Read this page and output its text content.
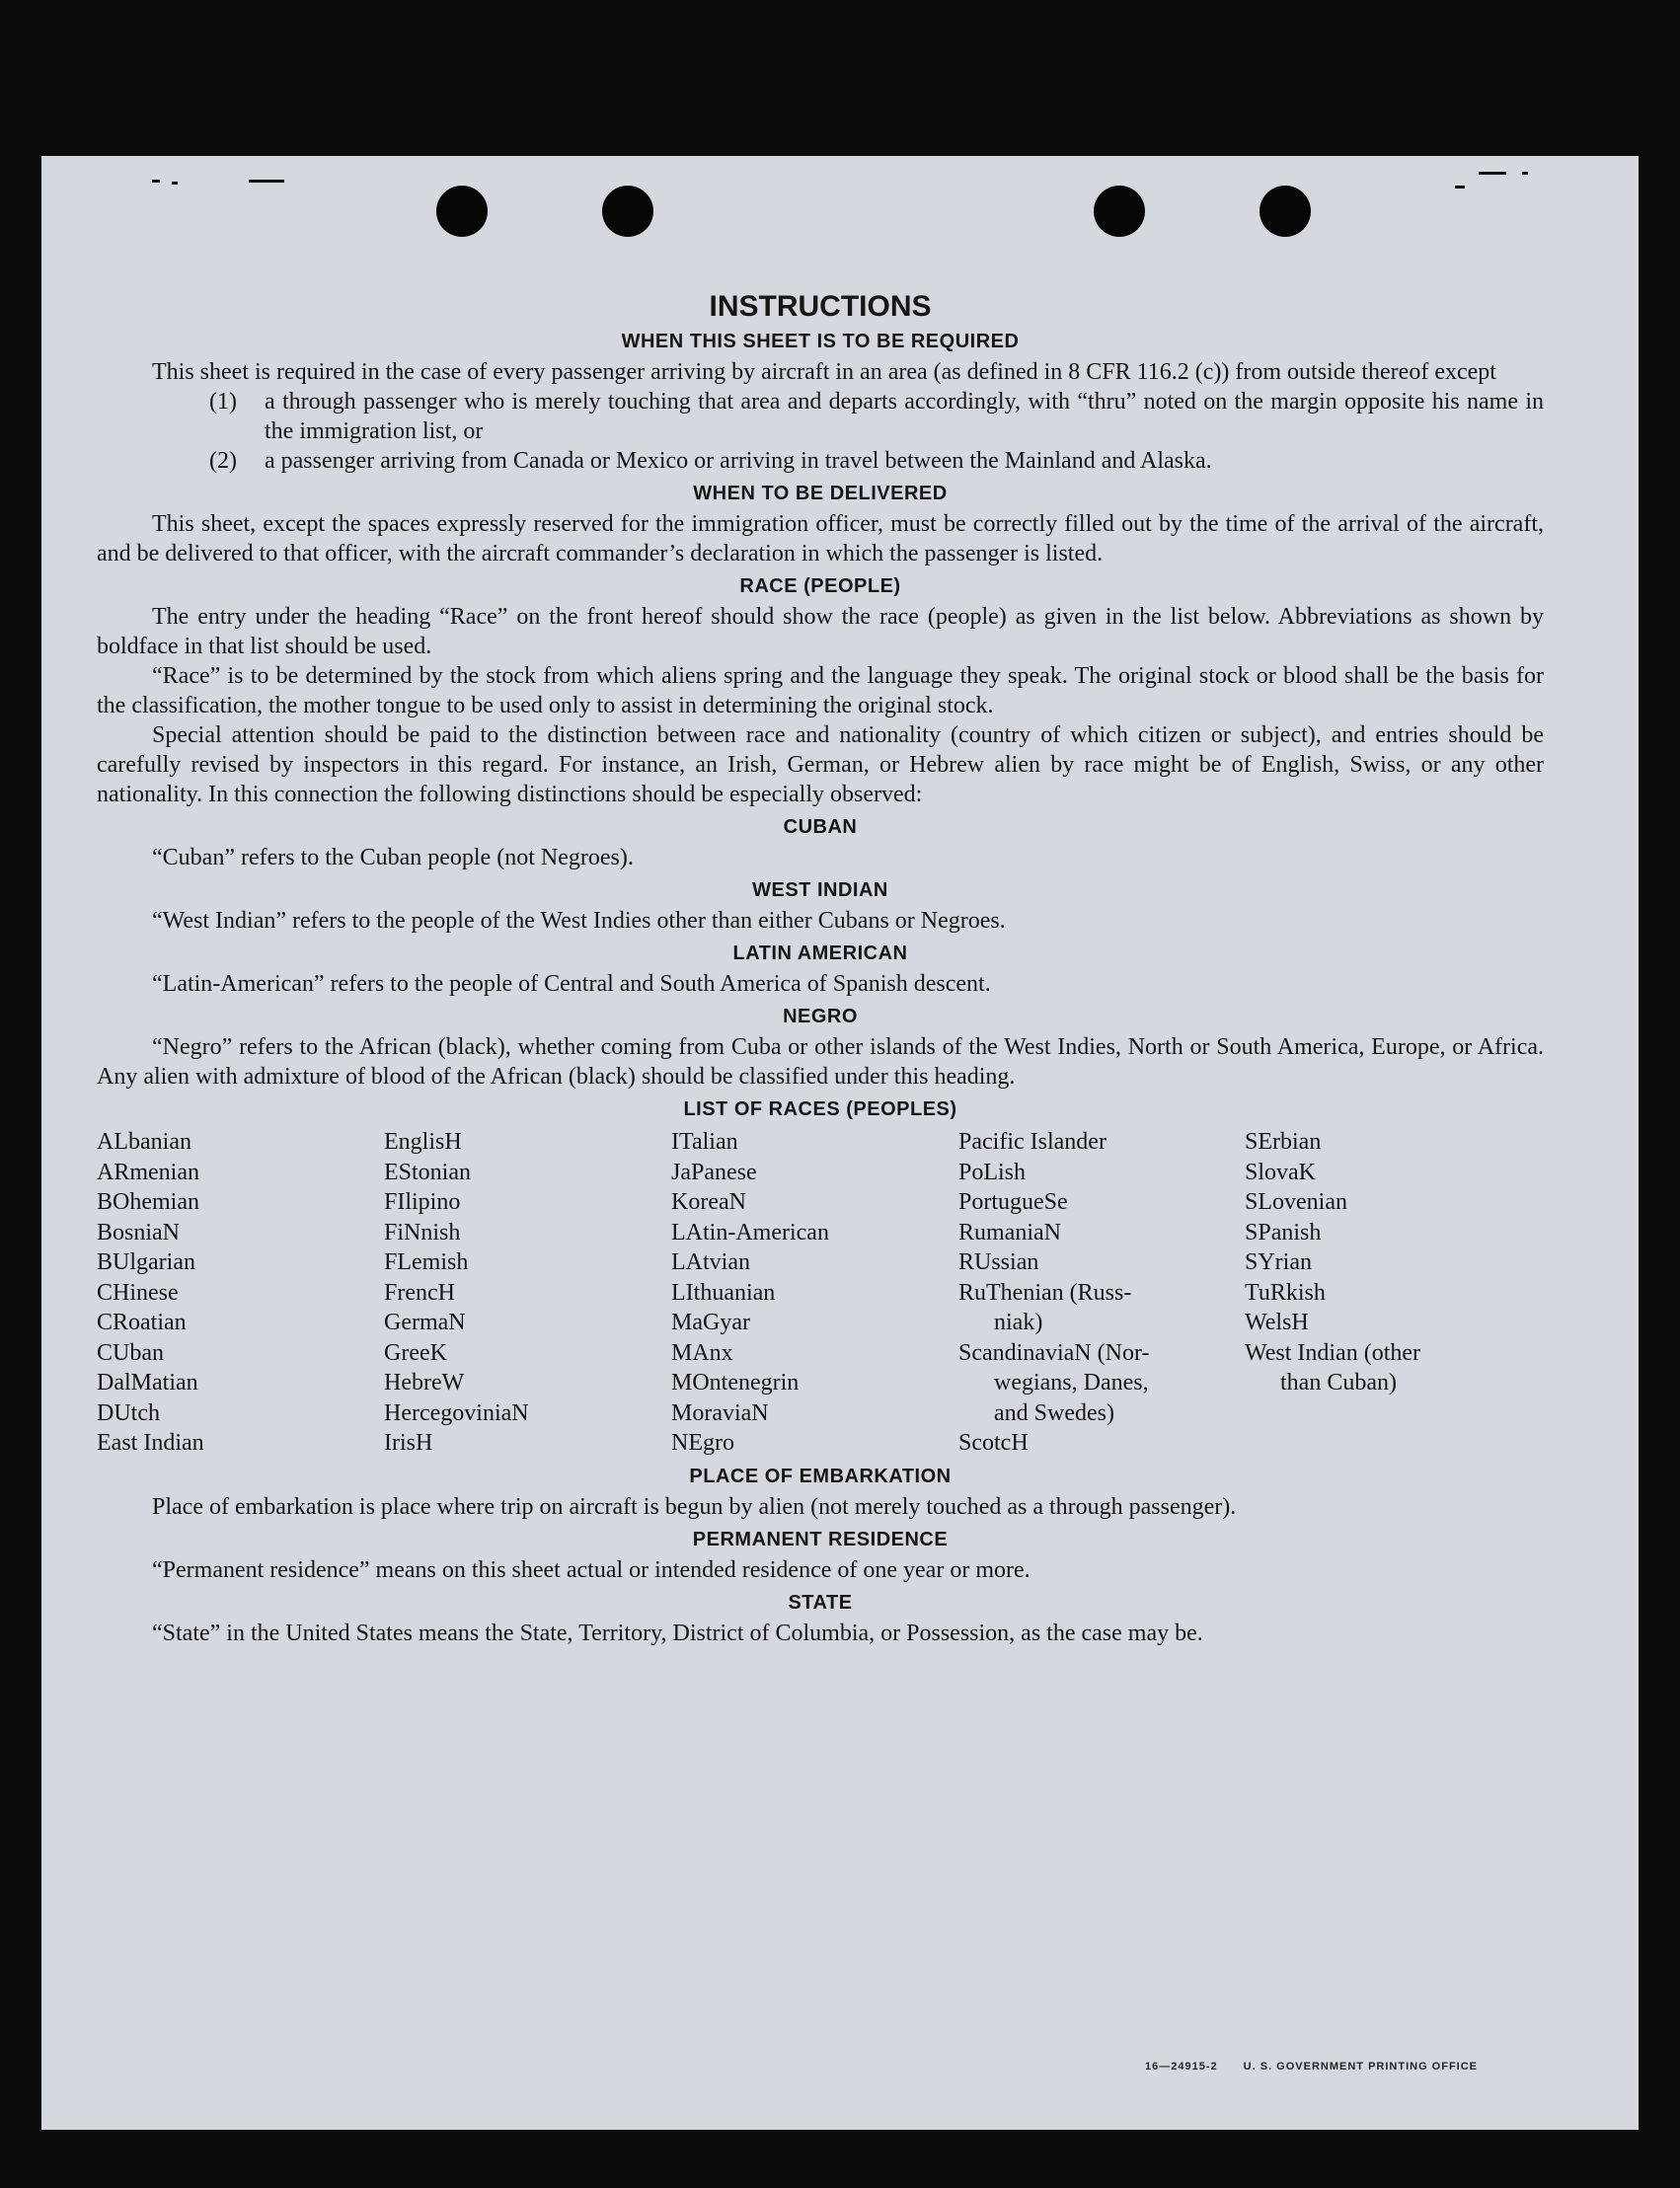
INSTRUCTIONS
WHEN THIS SHEET IS TO BE REQUIRED

This sheet is required in the case of every passenger arriving by aircraft in an area (as defined in 8 CFR 116.2 (c)) from outside thereof except

(1)	a through passenger who is merely touching that area and departs accordingly, with “thru” noted on the margin opposite his name in the immigration list, or
(2)	a passenger arriving from Canada or Mexico or arriving in travel between the Mainland and Alaska.
WHEN TO BE DELIVERED

This sheet, except the spaces expressly reserved for the immigration officer, must be correctly filled out by the time of the arrival of the aircraft, and be delivered to that officer, with the aircraft commander’s declaration in which the passenger is listed.

RACE (PEOPLE)

The entry under the heading “Race” on the front hereof should show the race (people) as given in the list below. Abbreviations as shown by boldface in that list should be used.

“Race” is to be determined by the stock from which aliens spring and the language they speak. The original stock or blood shall be the basis for the classification, the mother tongue to be used only to assist in determining the original stock.

Special attention should be paid to the distinction between race and nationality (country of which citizen or subject), and entries should be carefully revised by inspectors in this regard. For instance, an Irish, German, or Hebrew alien by race might be of English, Swiss, or any other nationality. In this connection the following distinctions should be especially observed:

CUBAN

“Cuban” refers to the Cuban people (not Negroes).

WEST INDIAN

“West Indian” refers to the people of the West Indies other than either Cubans or Negroes.

LATIN AMERICAN

“Latin-American” refers to the people of Central and South America of Spanish descent.

NEGRO

“Negro” refers to the African (black), whether coming from Cuba or other islands of the West Indies, North or South America, Europe, or Africa. Any alien with admixture of blood of the African (black) should be classified under this heading.

LIST OF RACES (PEOPLES)
ALbanian
ARmenian
BOhemian
BosniaN
BUlgarian
CHinese
CRoatian
CUban
DalMatian
DUtch
East Indian
EnglisH
EStonian
FIlipino
FiNnish
FLemish
FrencH
GermaN
GreeK
HebreW
HercegoviniaN
IrisH
ITalian
JaPanese
KoreaN
LAtin-American
LAtvian
LIthuanian
MaGyar
MAnx
MOntenegrin
MoraviaN
NEgro
Pacific Islander
PoLish
PortugueSe
RumaniaN
RUssian
RuThenian (Russ-
niak)
ScandinaviaN (Nor-
wegians, Danes,
and Swedes)
ScotcH
SErbian
SlovaK
SLovenian
SPanish
SYrian
TuRkish
WelsH
West Indian (other
than Cuban)
PLACE OF EMBARKATION

Place of embarkation is place where trip on aircraft is begun by alien (not merely touched as a through passenger).

PERMANENT RESIDENCE

“Permanent residence” means on this sheet actual or intended residence of one year or more.

STATE

“State” in the United States means the State, Territory, District of Columbia, or Possession, as the case may be.

16—24915-2 U. S. GOVERNMENT PRINTING OFFICE
